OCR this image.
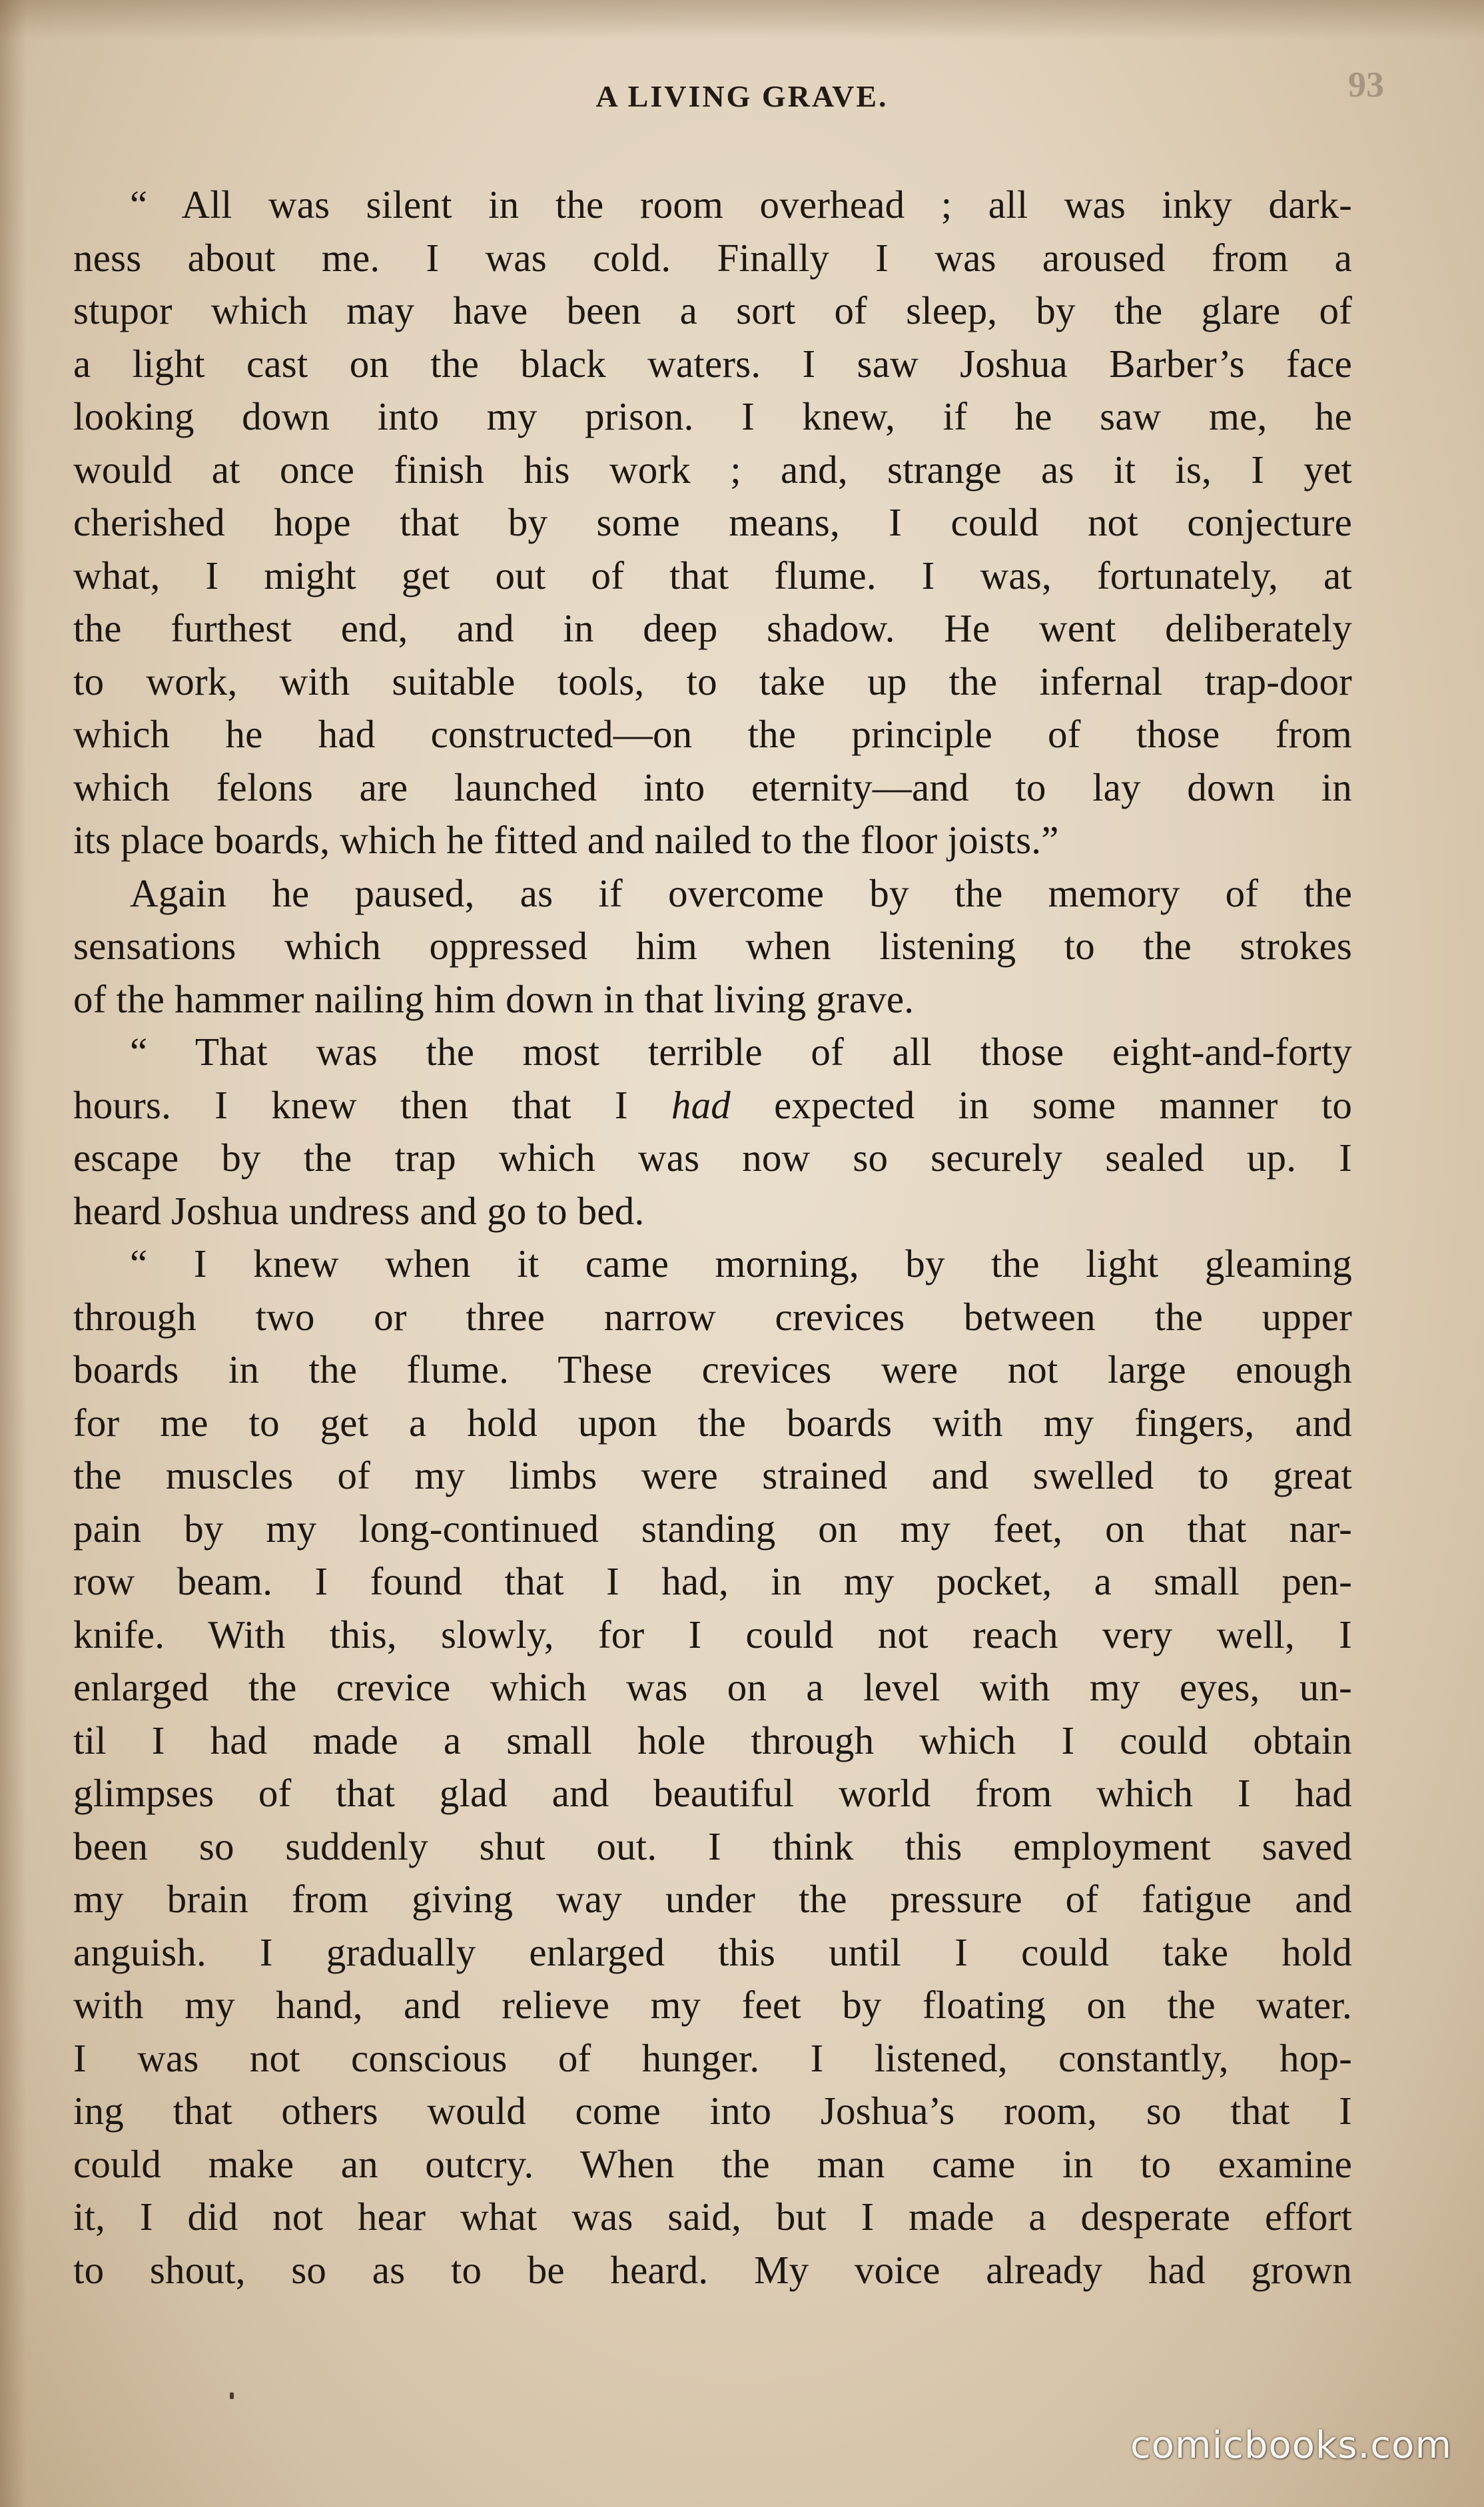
A LIVING GRAVE.	93
“ All was silent in the room overhead ; all was inky dark-
ness about me. I was cold. Finally I was aroused from a
stupor which may have been a sort of sleep, by the glare of
a light cast on the black waters. I saw Joshua Barber’s face
looking down into my prison. I knew, if he saw me, he
would at once finish his work ; and, strange as it is, I yet
cherished hope that by some means, I could not conjecture
what, I might get out of that flume. I was, fortunately, at
the furthest end, and in deep shadow. He went deliberately
to work, with suitable tools, to take up the infernal trap-door
which he had constructed—on the principle of those from
which felons are launched into eternity—and to lay down in
its place boards, which he fitted and nailed to the floor joists.”
Again he paused, as if overcome by the memory of the
sensations which oppressed him when listening to the strokes
of the hammer nailing him down in that living grave.
“ That was the most terrible of all those eight-and-forty
hours. I knew then that I had expected in some manner to
escape by the trap which was now so securely sealed up. I
heard Joshua undress and go to bed.
“ I knew when it came morning, by the light gleaming
through two or three narrow crevices between the upper
boards in the flume. These crevices were not large enough
for me to get a hold upon the boards with my fingers, and
the muscles of my limbs were strained and swelled to great
pain by my long-continued standing on my feet, on that nar-
row beam. I found that I had, in my pocket, a small pen-
knife. With this, slowly, for I could not reach very well, I
enlarged the crevice which was on a level with my eyes, un-
til I had made a small hole through which I could obtain
glimpses of that glad and beautiful world from which I had
been so suddenly shut out. I think this employment saved
my brain from giving way under the pressure of fatigue and
anguish. I gradually enlarged this until I could take hold
with my hand, and relieve my feet by floating on the water.
I was not conscious of hunger. I listened, constantly, hop-
ing that others would come into Joshua’s room, so that I
could make an outcry. When the man came in to examine
it, I did not hear what was said, but I made a desperate effort
to shout, so as to be heard. My voice already had grown
comicbooks.com
